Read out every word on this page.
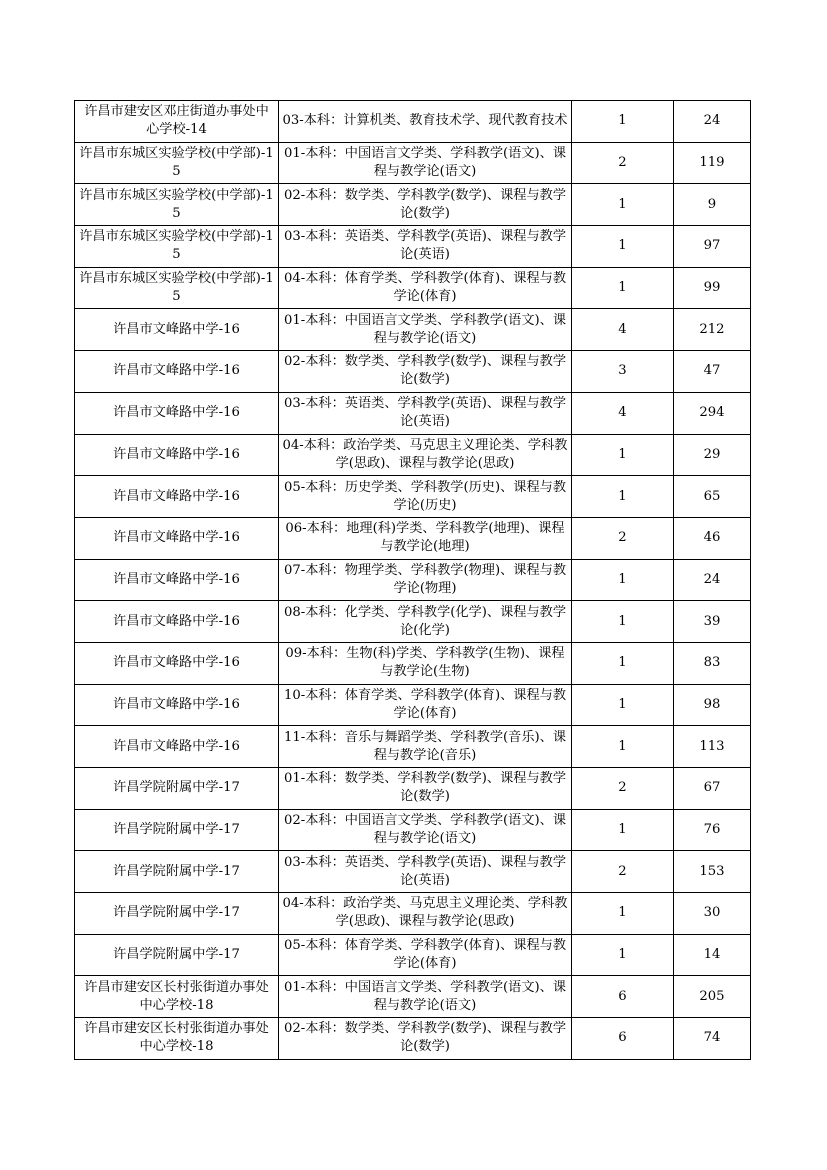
许昌市建安区邓庄街道办事处中心学校-14	03-本科：计算机类、教育技术学、现代教育技术	1	24
许昌市东城区实验学校(中学部)-15	01-本科：中国语言文学类、学科教学(语文)、课程与教学论(语文)	2	119
许昌市东城区实验学校(中学部)-15	02-本科：数学类、学科教学(数学)、课程与教学论(数学)	1	9
许昌市东城区实验学校(中学部)-15	03-本科：英语类、学科教学(英语)、课程与教学论(英语)	1	97
许昌市东城区实验学校(中学部)-15	04-本科：体育学类、学科教学(体育)、课程与教学论(体育)	1	99
许昌市文峰路中学-16	01-本科：中国语言文学类、学科教学(语文)、课程与教学论(语文)	4	212
许昌市文峰路中学-16	02-本科：数学类、学科教学(数学)、课程与教学论(数学)	3	47
许昌市文峰路中学-16	03-本科：英语类、学科教学(英语)、课程与教学论(英语)	4	294
许昌市文峰路中学-16	04-本科：政治学类、马克思主义理论类、学科教学(思政)、课程与教学论(思政)	1	29
许昌市文峰路中学-16	05-本科：历史学类、学科教学(历史)、课程与教学论(历史)	1	65
许昌市文峰路中学-16	06-本科：地理(科)学类、学科教学(地理)、课程与教学论(地理)	2	46
许昌市文峰路中学-16	07-本科：物理学类、学科教学(物理)、课程与教学论(物理)	1	24
许昌市文峰路中学-16	08-本科：化学类、学科教学(化学)、课程与教学论(化学)	1	39
许昌市文峰路中学-16	09-本科：生物(科)学类、学科教学(生物)、课程与教学论(生物)	1	83
许昌市文峰路中学-16	10-本科：体育学类、学科教学(体育)、课程与教学论(体育)	1	98
许昌市文峰路中学-16	11-本科：音乐与舞蹈学类、学科教学(音乐)、课程与教学论(音乐)	1	113
许昌学院附属中学-17	01-本科：数学类、学科教学(数学)、课程与教学论(数学)	2	67
许昌学院附属中学-17	02-本科：中国语言文学类、学科教学(语文)、课程与教学论(语文)	1	76
许昌学院附属中学-17	03-本科：英语类、学科教学(英语)、课程与教学论(英语)	2	153
许昌学院附属中学-17	04-本科：政治学类、马克思主义理论类、学科教学(思政)、课程与教学论(思政)	1	30
许昌学院附属中学-17	05-本科：体育学类、学科教学(体育)、课程与教学论(体育)	1	14
许昌市建安区长村张街道办事处中心学校-18	01-本科：中国语言文学类、学科教学(语文)、课程与教学论(语文)	6	205
许昌市建安区长村张街道办事处中心学校-18	02-本科：数学类、学科教学(数学)、课程与教学论(数学)	6	74
